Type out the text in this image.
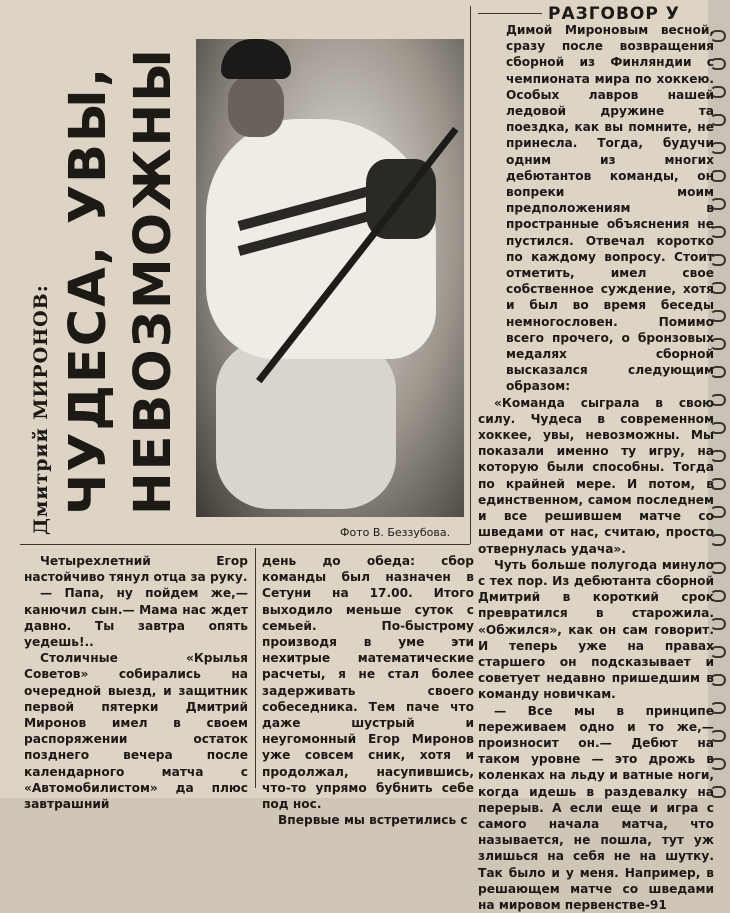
РАЗГОВОР У
Дмитрий МИРОНОВ: ЧУДЕСА, УВЫ, НЕВОЗМОЖНЫ
Фото В. Беззубова.

Димой Мироновым весной, сразу после возвращения сборной из Финляндии с чемпионата мира по хоккею. Особых лавров нашей ледовой дружине та поездка, как вы помните, не принесла. Тогда, будучи одним из многих дебютантов команды, он вопреки моим предположениям в пространные объяснения не пустился. Отвечал коротко по каждому вопросу. Стоит отметить, имел свое собственное суждение, хотя и был во время беседы немногословен. Помимо всего прочего, о бронзовых медалях сборной высказался следующим образом:

«Команда сыграла в свою силу. Чудеса в современном хоккее, увы, невозможны. Мы показали именно ту игру, на которую были способны. Тогда по крайней мере. И потом, в единственном, самом последнем и все решившем матче со шведами от нас, считаю, просто отвернулась удача».

Чуть больше полугода минуло с тех пор. Из дебютанта сборной Дмитрий в короткий срок превратился в старожила. «Обжился», как он сам говорит. И теперь уже на правах старшего он подсказывает и советует недавно пришедшим в команду новичкам.

— Все мы в принципе переживаем одно и то же,— произносит он.— Дебют на таком уровне — это дрожь в коленках на льду и ватные ноги, когда идешь в раздевалку на перерыв. А если еще и игра с самого начала матча, что называется, не пошла, тут уж злишься на себя не на шутку. Так было и у меня. Например, в решающем матче со шведами на мировом первенстве-91

Четырехлетний Егор настойчиво тянул отца за руку.

— Папа, ну пойдем же,— канючил сын.— Мама нас ждет давно. Ты завтра опять уедешь!..

Столичные «Крылья Советов» собирались на очередной выезд, и защитник первой пятерки Дмитрий Миронов имел в своем распоряжении остаток позднего вечера после календарного матча с «Автомобилистом» да плюс завтрашний

день до обеда: сбор команды был назначен в Сетуни на 17.00. Итого выходило меньше суток с семьей. По-быстрому производя в уме эти нехитрые математические расчеты, я не стал более задерживать своего собеседника. Тем паче что даже шустрый и неугомонный Егор Миронов уже совсем сник, хотя и продолжал, насупившись, что-то упрямо бубнить себе под нос.

Впервые мы встретились с
